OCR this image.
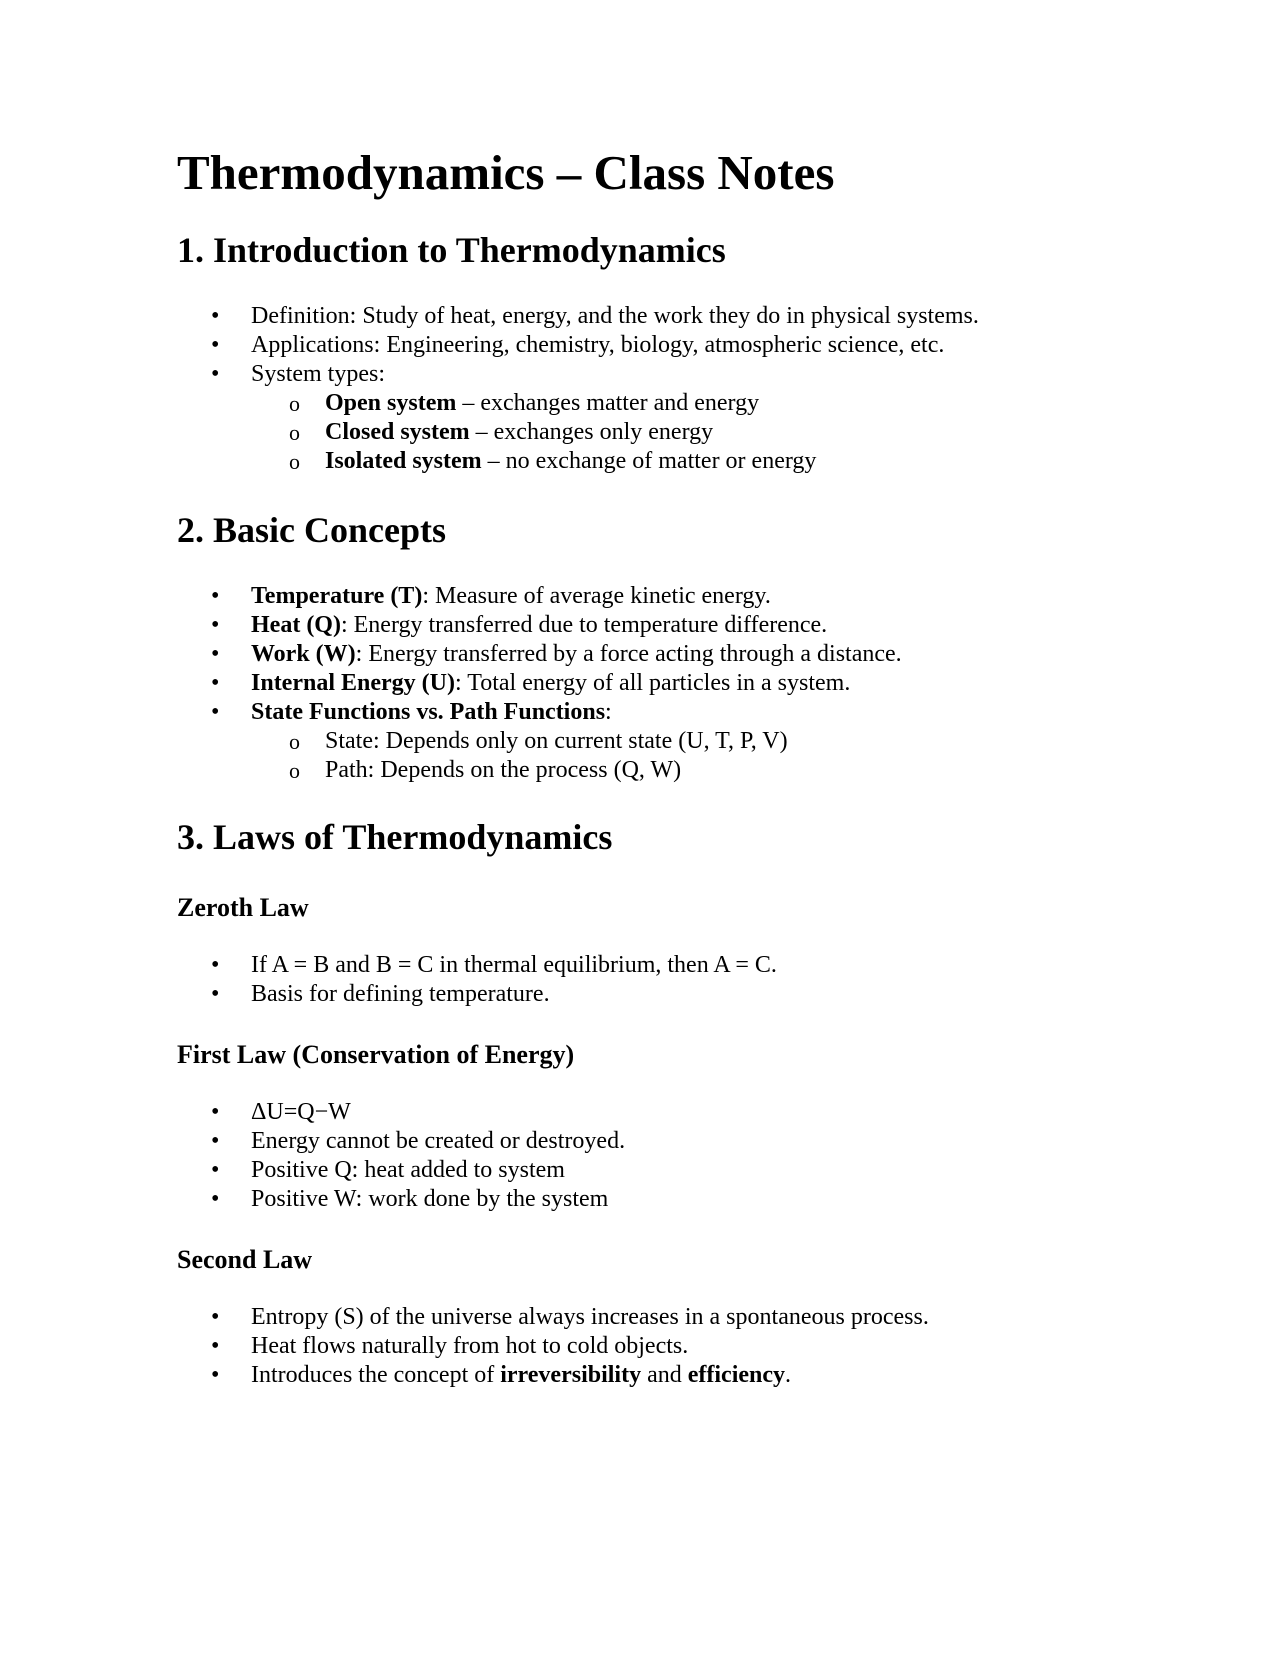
Thermodynamics – Class Notes
1. Introduction to Thermodynamics
• Definition: Study of heat, energy, and the work they do in physical systems.
• Applications: Engineering, chemistry, biology, atmospheric science, etc.
• System types:
o Open system – exchanges matter and energy
o Closed system – exchanges only energy
o Isolated system – no exchange of matter or energy
2. Basic Concepts
• Temperature (T): Measure of average kinetic energy.
• Heat (Q): Energy transferred due to temperature difference.
• Work (W): Energy transferred by a force acting through a distance.
• Internal Energy (U): Total energy of all particles in a system.
• State Functions vs. Path Functions:
o State: Depends only on current state (U, T, P, V)
o Path: Depends on the process (Q, W)
3. Laws of Thermodynamics
Zeroth Law
• If A = B and B = C in thermal equilibrium, then A = C.
• Basis for defining temperature.
First Law (Conservation of Energy)
• ΔU=Q−W
• Energy cannot be created or destroyed.
• Positive Q: heat added to system
• Positive W: work done by the system
Second Law
• Entropy (S) of the universe always increases in a spontaneous process.
• Heat flows naturally from hot to cold objects.
• Introduces the concept of irreversibility and efficiency.
